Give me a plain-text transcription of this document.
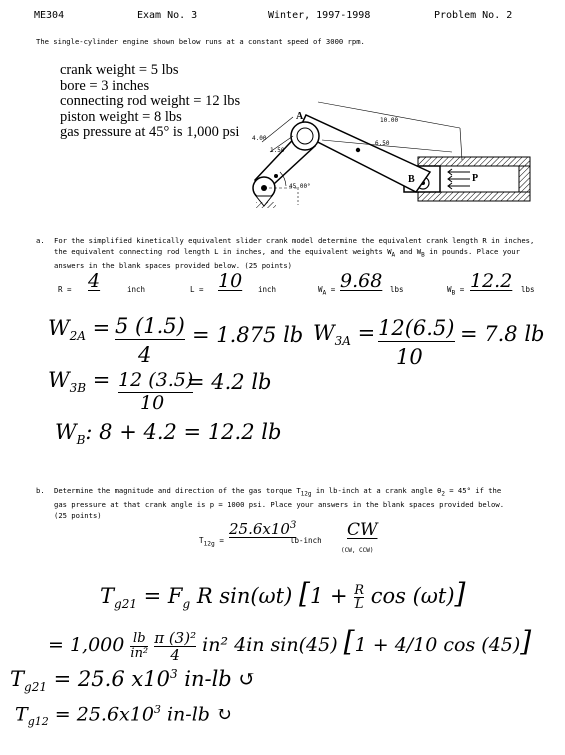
ME304	Exam No. 3	Winter, 1997-1998	Problem No. 2
The single-cylinder engine shown below runs at a constant speed of 3000 rpm.
crank weight = 5 lbs
bore = 3 inches
connecting rod weight = 12 lbs
piston weight = 8 lbs
gas pressure at 45° is 1,000 psi
10.00
6.50
4.00
1.50
45.00°
A
B	P
a. For the simplified kinetically equivalent slider crank model determine the equivalent crank length R in inches,
the equivalent connecting rod length L in inches, and the equivalent weights $W_A$ and $W_B$ in pounds. Place your
answers in the blank spaces provided below. (25 points)
R = 4	inch	L = 10	inch	$W_A = 9.68$ lbs	$W_B = 12.2$ lbs
$W_{2A} = 5$ (1.5)
4
= 1.875 lb $W_{3A} = 12(6.5)$
10
= 7.8 lb
$W_{3B} = 12$ (3.5)
10
= 4.2 lb
$W_B$: 8 + 4.2 = 12.2 lb
b. Determine the magnitude and direction of the gas torque $T_{12g}$ in lb-inch at a crank angle $\theta_2 = 45^\circ$ if the
gas pressure at that crank angle is p = 1000 psi. Place your answers in the blank spaces provided below.
(25 points)
$T_{12g}$ =
$25.6x10^3$
lb-inch
CW
(CW, CCW)
$T_{g21} = F_g$ R sin(ωt) [$1 + \frac{R}{L}$ cos (ωt)]
= $1,000 \frac{lb}{\text{in²}}$
$\frac{\text{π (3)²}}{4} in^2$ 4in sin(45) [1 + 4/10 cos (45)]
$T_{g21} = 25.6$ $x10^3$ in-lb ↺
$T_{g12} = 25.6x10^3$ in-lb ↻
